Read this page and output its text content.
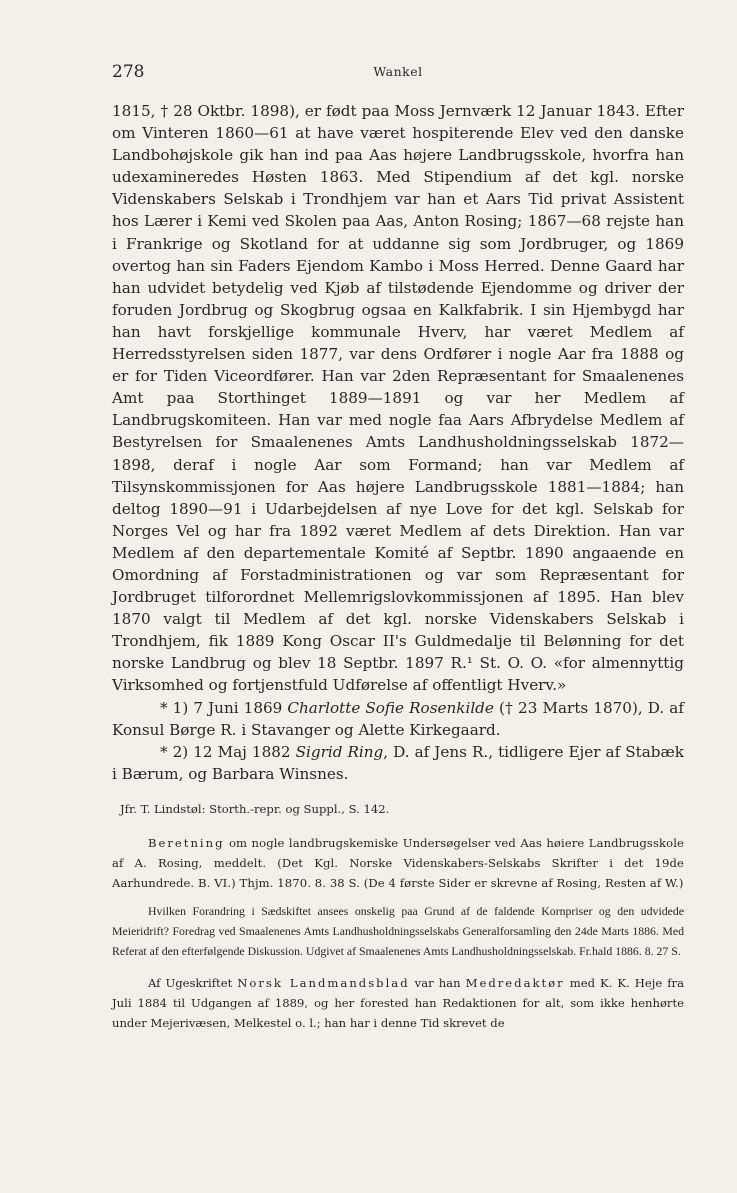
278	Wankel

1815, † 28 Oktbr. 1898), er født paa Moss Jernværk 12 Januar 1843. Efter om Vinteren 1860—61 at have været hospiterende Elev ved den danske Landbohøjskole gik han ind paa Aas højere Landbrugsskole, hvorfra han udexamineredes Høsten 1863. Med Stipendium af det kgl. norske Videnskabers Selskab i Trondhjem var han et Aars Tid privat Assistent hos Lærer i Kemi ved Skolen paa Aas, Anton Rosing; 1867—68 rejste han i Frankrige og Skotland for at uddanne sig som Jordbruger, og 1869 overtog han sin Faders Ejendom Kambo i Moss Herred. Denne Gaard har han udvidet betydelig ved Kjøb af tilstødende Ejendomme og driver der foruden Jordbrug og Skogbrug ogsaa en Kalkfabrik. I sin Hjembygd har han havt forskjellige kommunale Hverv, har været Medlem af Herredsstyrelsen siden 1877, var dens Ordfører i nogle Aar fra 1888 og er for Tiden Viceordfører. Han var 2den Repræsentant for Smaalenenes Amt paa Storthinget 1889—1891 og var her Medlem af Landbrugskomiteen. Han var med nogle faa Aars Afbrydelse Medlem af Bestyrelsen for Smaalenenes Amts Landhusholdningsselskab 1872—1898, deraf i nogle Aar som Formand; han var Medlem af Tilsynskommissjonen for Aas højere Landbrugsskole 1881—1884; han deltog 1890—91 i Udarbejdelsen af nye Love for det kgl. Selskab for Norges Vel og har fra 1892 været Medlem af dets Direktion. Han var Medlem af den departementale Komité af Septbr. 1890 angaaende en Omordning af Forstadministrationen og var som Repræsentant for Jordbruget tilforordnet Mellemrigslovkommissjonen af 1895. Han blev 1870 valgt til Medlem af det kgl. norske Videnskabers Selskab i Trondhjem, fik 1889 Kong Oscar II's Guldmedalje til Belønning for det norske Landbrug og blev 18 Septbr. 1897 R.¹ St. O. O. «for almennyttig Virksomhed og fortjenstfuld Udførelse af offentligt Hverv.»

* 1) 7 Juni 1869 Charlotte Sofie Rosenkilde († 23 Marts 1870), D. af Konsul Børge R. i Stavanger og Alette Kirkegaard.

* 2) 12 Maj 1882 Sigrid Ring, D. af Jens R., tidligere Ejer af Stabæk i Bærum, og Barbara Winsnes.

Jfr. T. Lindstøl: Storth.-repr. og Suppl., S. 142.

Beretning om nogle landbrugskemiske Undersøgelser ved Aas høiere Landbrugsskole af A. Rosing, meddelt. (Det Kgl. Norske Videnskabers-Selskabs Skrifter i det 19de Aarhundrede. B. VI.) Thjm. 1870. 8. 38 S. (De 4 første Sider er skrevne af Rosing, Resten af W.)

Hvilken Forandring i Sædskiftet ansees onskelig paa Grund af de faldende Kornpriser og den udvidede Meieridrift? Foredrag ved Smaalenenes Amts Landhusholdningsselskabs Generalforsamling den 24de Marts 1886. Med Referat af den efterfølgende Diskussion. Udgivet af Smaalenenes Amts Landhusholdningsselskab. Fr.hald 1886. 8. 27 S.

Af Ugeskriftet Norsk Landmandsblad var han Medredaktør med K. K. Heje fra Juli 1884 til Udgangen af 1889, og her forested han Redaktionen for alt, som ikke henhørte under Mejerivæsen, Melkestel o. l.; han har i denne Tid skrevet de
